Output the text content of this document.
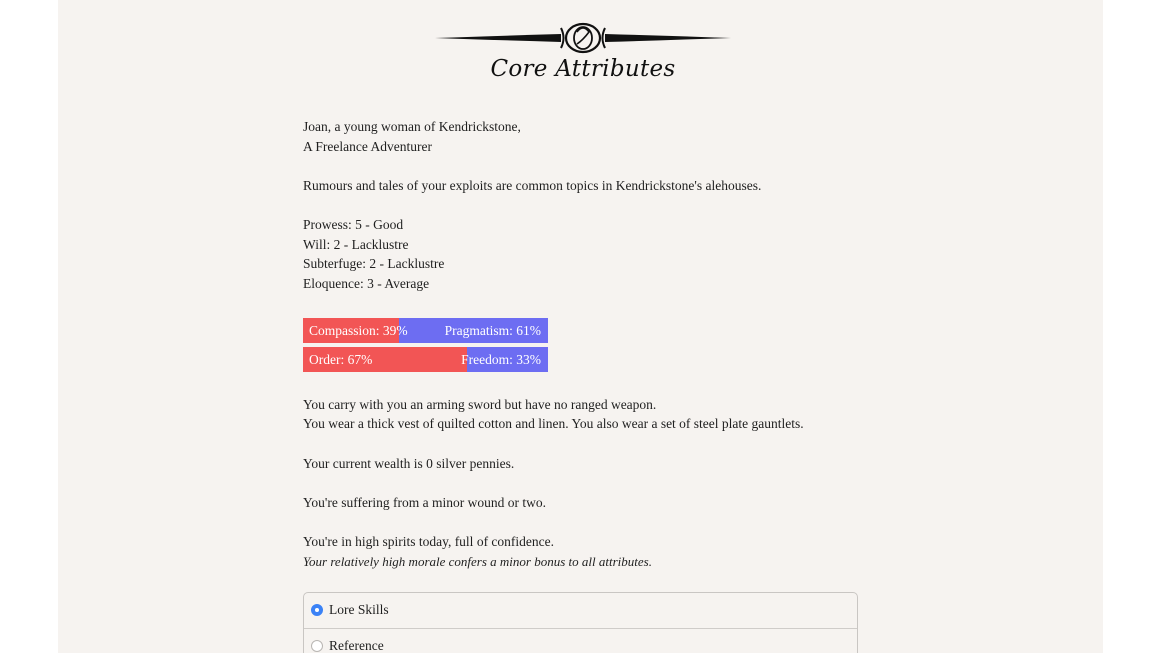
Core Attributes
Joan, a young woman of Kendrickstone,
A Freelance Adventurer
Rumours and tales of your exploits are common topics in Kendrickstone's alehouses.
Prowess: 5 - Good
Will: 2 - Lacklustre
Subterfuge: 2 - Lacklustre
Eloquence: 3 - Average
Compassion: 39%	Pragmatism: 61%
Order: 67%	Freedom: 33%
You carry with you an arming sword but have no ranged weapon.
You wear a thick vest of quilted cotton and linen. You also wear a set of steel plate gauntlets.
Your current wealth is 0 silver pennies.
You're suffering from a minor wound or two.
You're in high spirits today, full of confidence.
Your relatively high morale confers a minor bonus to all attributes.
Lore Skills
Reference
